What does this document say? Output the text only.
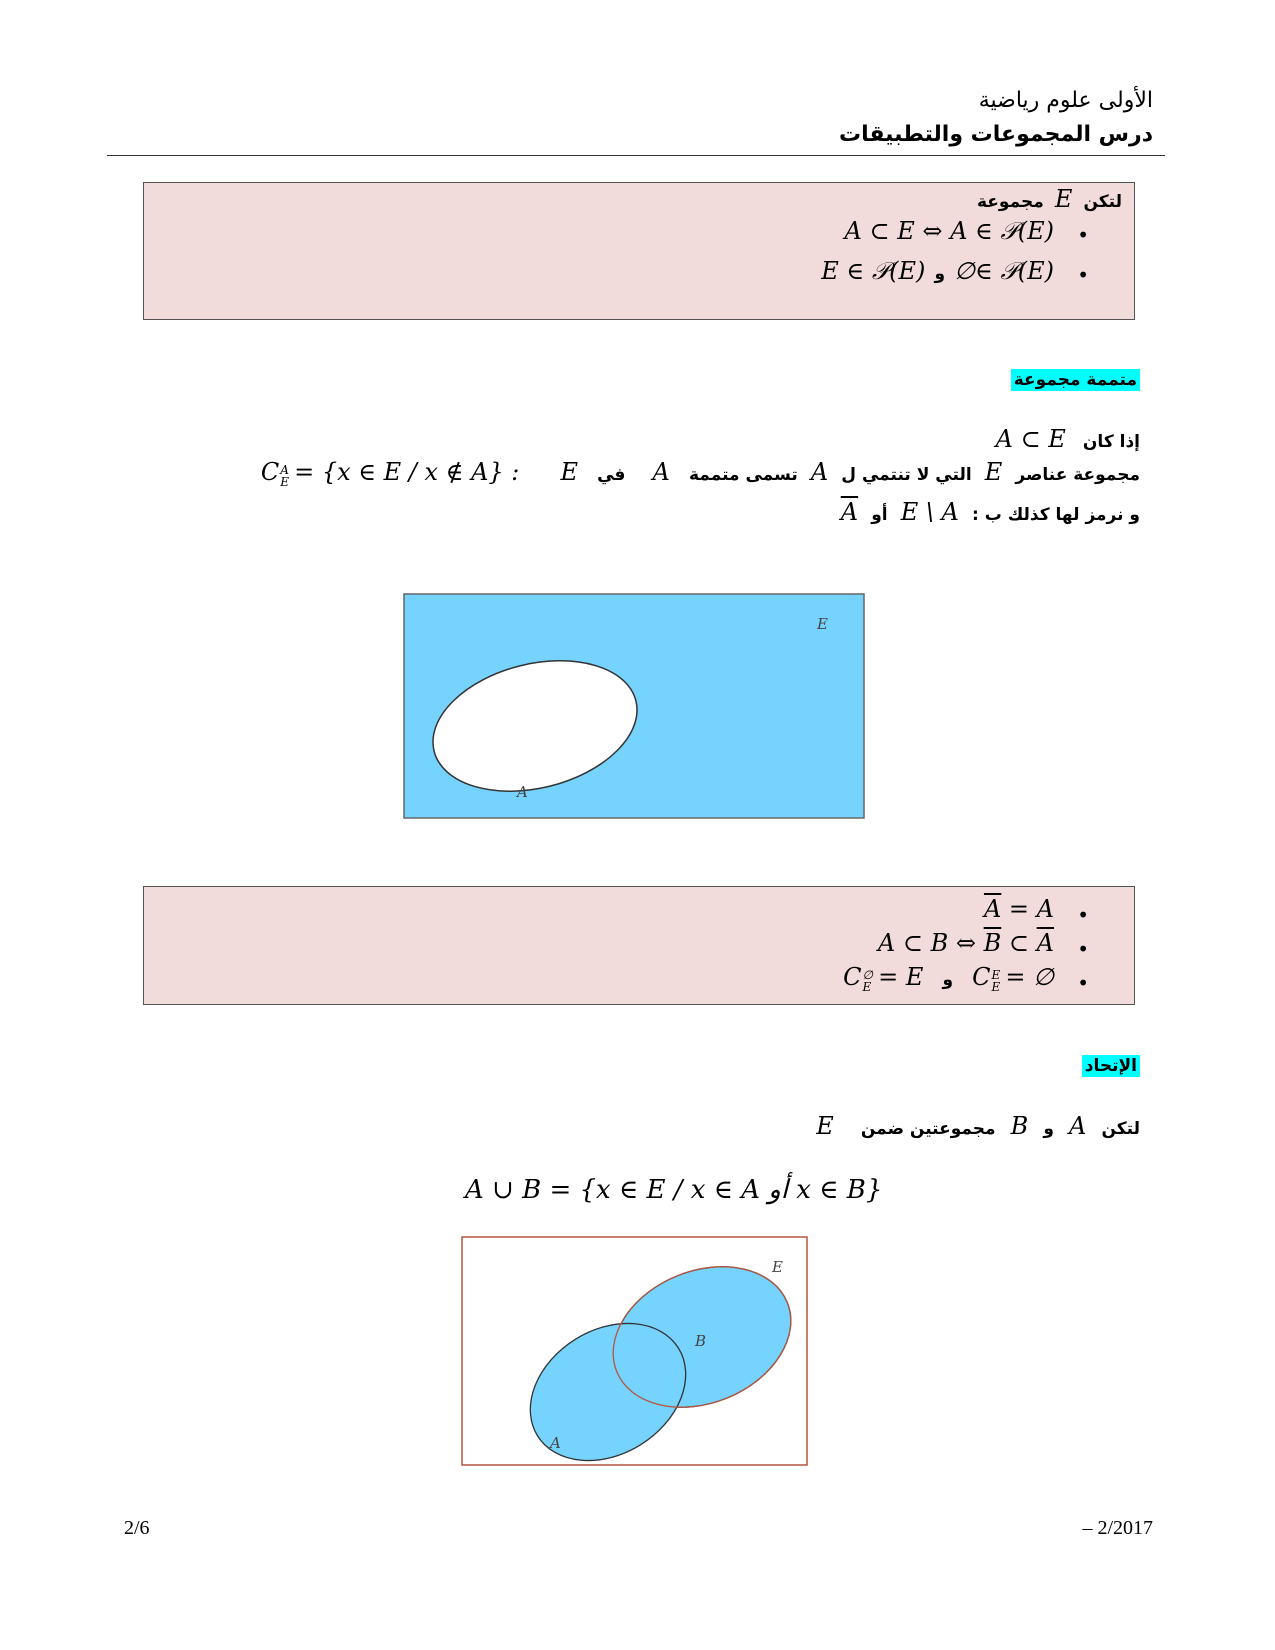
الأولى علوم رياضية
درس المجموعات والتطبيقات
لتكن E مجموعة
•
A ⊂ E ⇔ A ∈ 𝒫(E)
•
∅∈ 𝒫(E) و E ∈ 𝒫(E)
متممة مجموعة
إذا كان A ⊂ E
مجموعة عناصر E التي لا تنتمي ل A تسمى متممة A في E C A
E = {x ∈ E / x ∉ A} :
و نرمز لها كذلك ب : E \ A أو A
E
A
•
$\overline{A} = A$
•
A ⊂ B ⇔ $\overline{B}$ ⊂ $\overline{A}$
•
C E
E = ∅ و C ∅
E = E
الإتحاد
لتكن A و B مجموعتين ضمن E
A ∪ B = {x ∈ E / x ∈ A أو x ∈ B}
E
B
A
2/6	– 2/2017
